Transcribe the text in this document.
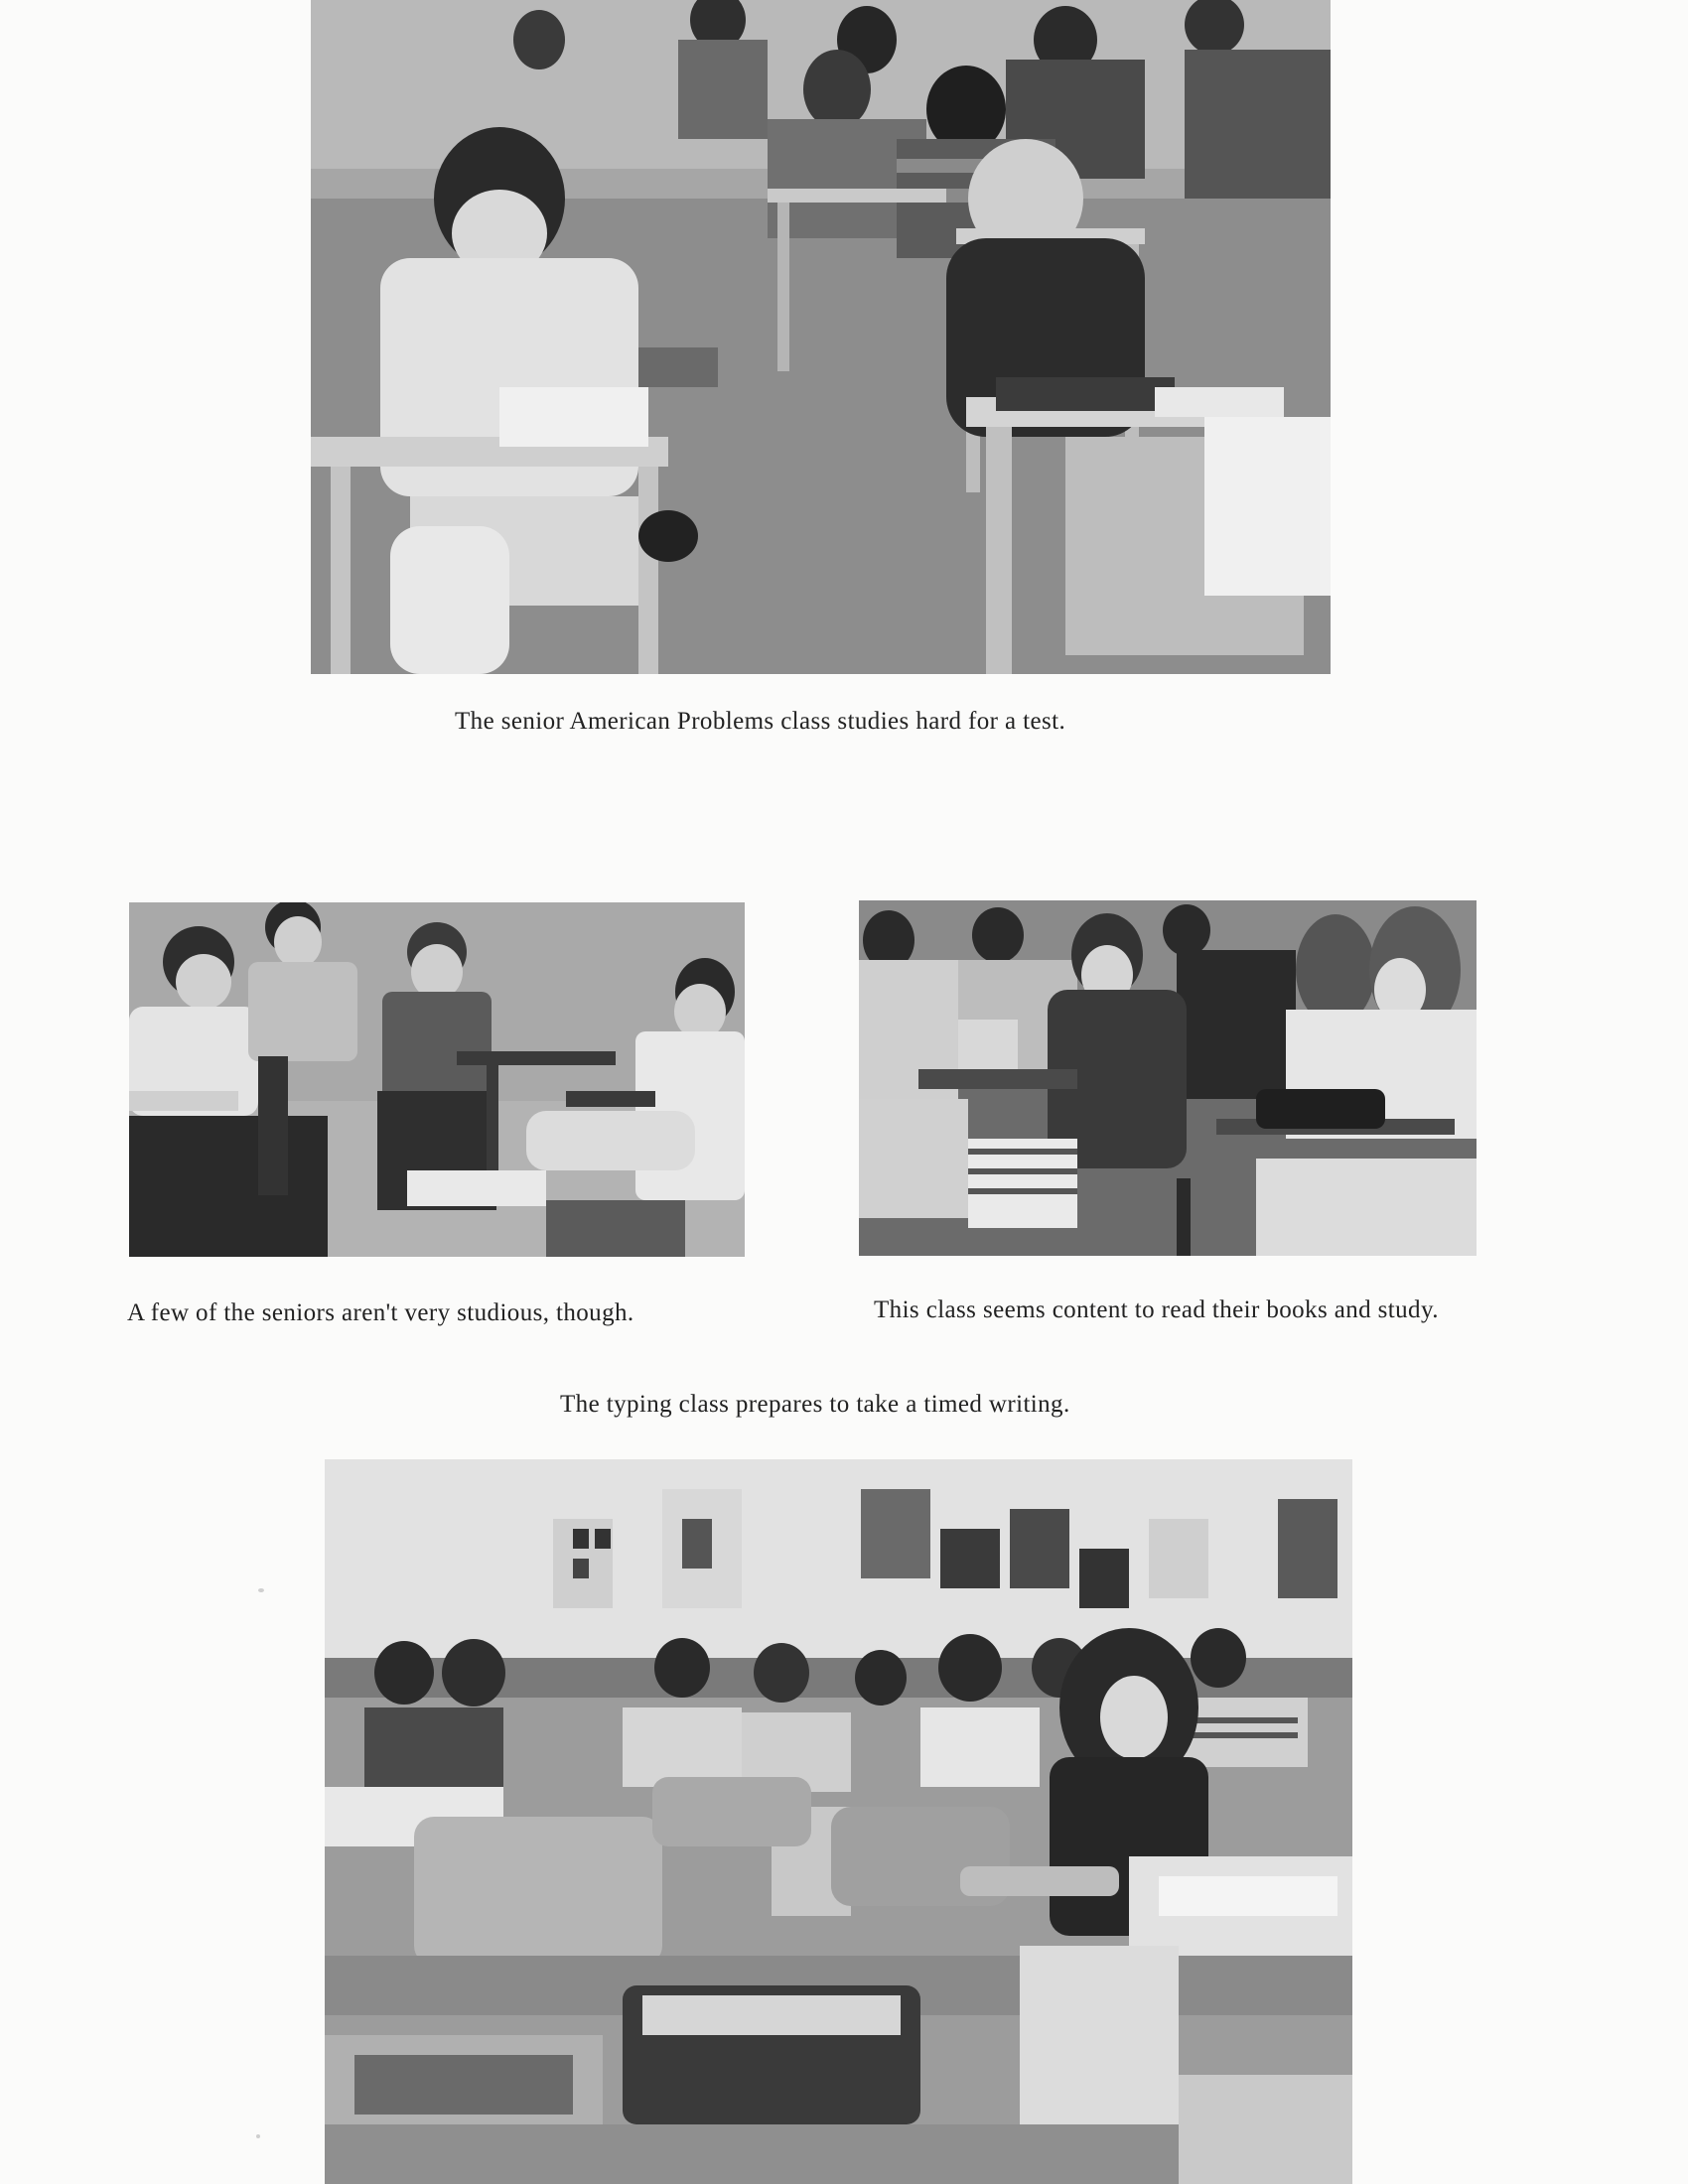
The senior American Problems class studies hard for a test.
A few of the seniors aren't very studious, though.	This class seems content to read their books and study.
The typing class prepares to take a timed writing.
